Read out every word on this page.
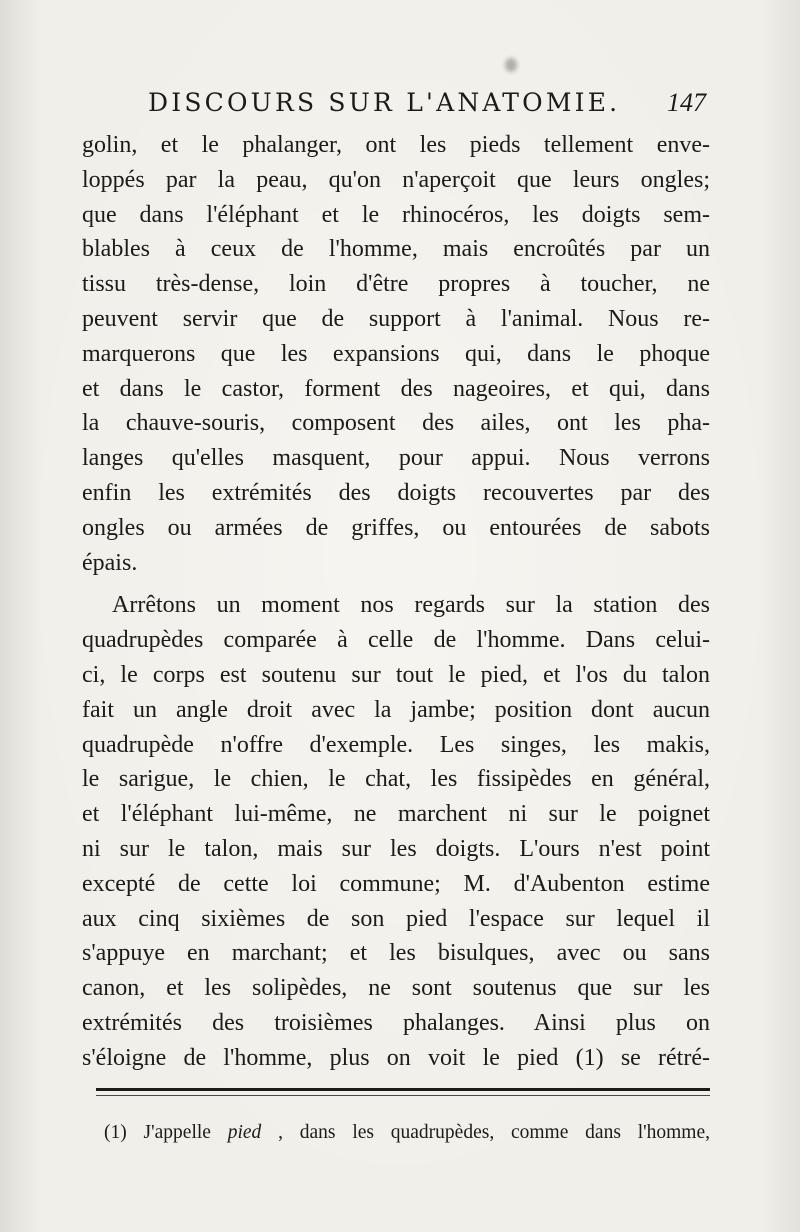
DISCOURS SUR L'ANATOMIE. 147
golin, et le phalanger, ont les pieds tellement enve-
loppés par la peau, qu'on n'aperçoit que leurs ongles;
que dans l'éléphant et le rhinocéros, les doigts sem-
blables à ceux de l'homme, mais encroûtés par un
tissu très-dense, loin d'être propres à toucher, ne
peuvent servir que de support à l'animal. Nous re-
marquerons que les expansions qui, dans le phoque
et dans le castor, forment des nageoires, et qui, dans
la chauve-souris, composent des ailes, ont les pha-
langes qu'elles masquent, pour appui. Nous verrons
enfin les extrémités des doigts recouvertes par des
ongles ou armées de griffes, ou entourées de sabots
épais.
Arrêtons un moment nos regards sur la station des
quadrupèdes comparée à celle de l'homme. Dans celui-
ci, le corps est soutenu sur tout le pied, et l'os du talon
fait un angle droit avec la jambe; position dont aucun
quadrupède n'offre d'exemple. Les singes, les makis,
le sarigue, le chien, le chat, les fissipèdes en général,
et l'éléphant lui-même, ne marchent ni sur le poignet
ni sur le talon, mais sur les doigts. L'ours n'est point
excepté de cette loi commune; M. d'Aubenton estime
aux cinq sixièmes de son pied l'espace sur lequel il
s'appuye en marchant; et les bisulques, avec ou sans
canon, et les solipèdes, ne sont soutenus que sur les
extrémités des troisièmes phalanges. Ainsi plus on
s'éloigne de l'homme, plus on voit le pied (1) se rétré-
(1) J'appelle pied , dans les quadrupèdes, comme dans l'homme,
